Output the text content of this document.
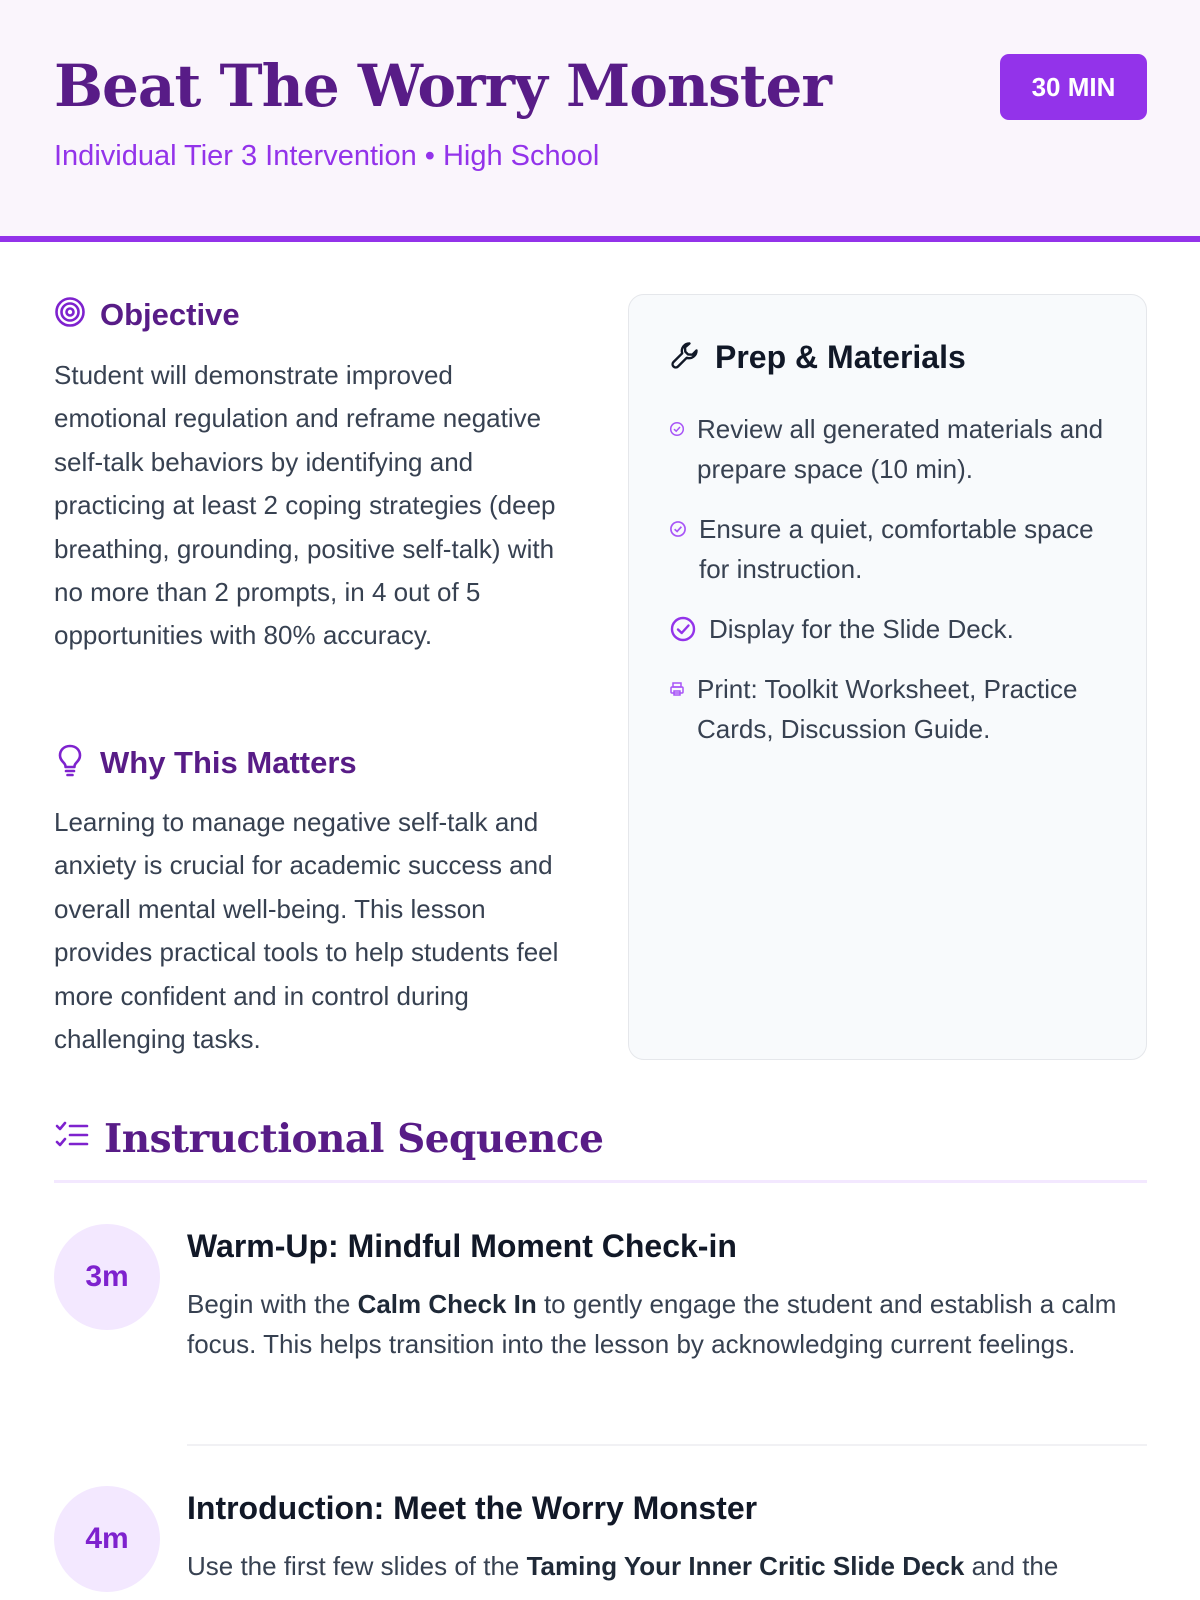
Beat The Worry Monster
Individual Tier 3 Intervention • High School
30 MIN
Objective
Student will demonstrate improved emotional regulation and reframe negative self-talk behaviors by identifying and practicing at least 2 coping strategies (deep breathing, grounding, positive self-talk) with no more than 2 prompts, in 4 out of 5 opportunities with 80% accuracy.
Why This Matters
Learning to manage negative self-talk and anxiety is crucial for academic success and overall mental well-being. This lesson provides practical tools to help students feel more confident and in control during challenging tasks.
Prep & Materials
Review all generated materials and prepare space (10 min).
Ensure a quiet, comfortable space for instruction.
Display for the Slide Deck.
Print: Toolkit Worksheet, Practice Cards, Discussion Guide.
Instructional Sequence
3m
Warm-Up: Mindful Moment Check-in
Begin with the Calm Check In to gently engage the student and establish a calm focus. This helps transition into the lesson by acknowledging current feelings.
4m
Introduction: Meet the Worry Monster
Use the first few slides of the Taming Your Inner Critic Slide Deck and the
